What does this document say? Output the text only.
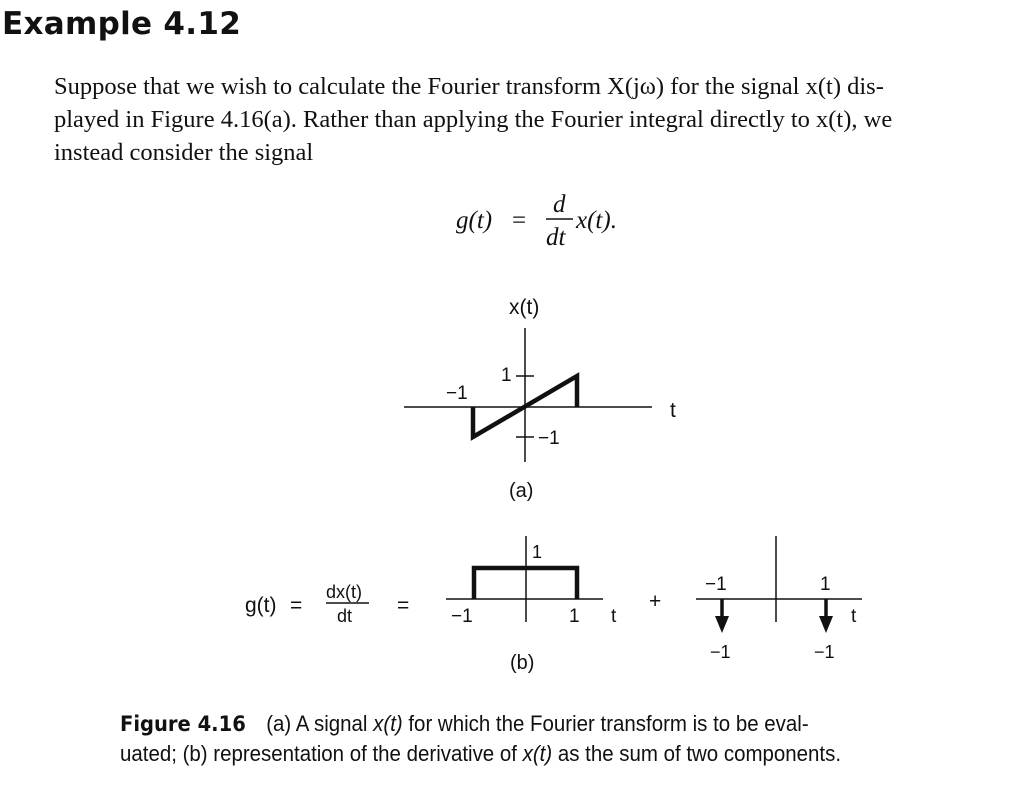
Example 4.12
Suppose that we wish to calculate the Fourier transform X(jω) for the signal x(t) dis-
played in Figure 4.16(a). Rather than applying the Fourier integral directly to x(t), we
instead consider the signal
g(t) =
d
dt
x(t).
x(t)
t
1
−1
−1
(a)
g(t) =
dx(t)
dt =
1
−1	1 t
+
−1	1
−1	−1
t
(b)
Figure 4.16 (a) A signal x(t) for which the Fourier transform is to be eval-
uated; (b) representation of the derivative of x(t) as the sum of two components.
